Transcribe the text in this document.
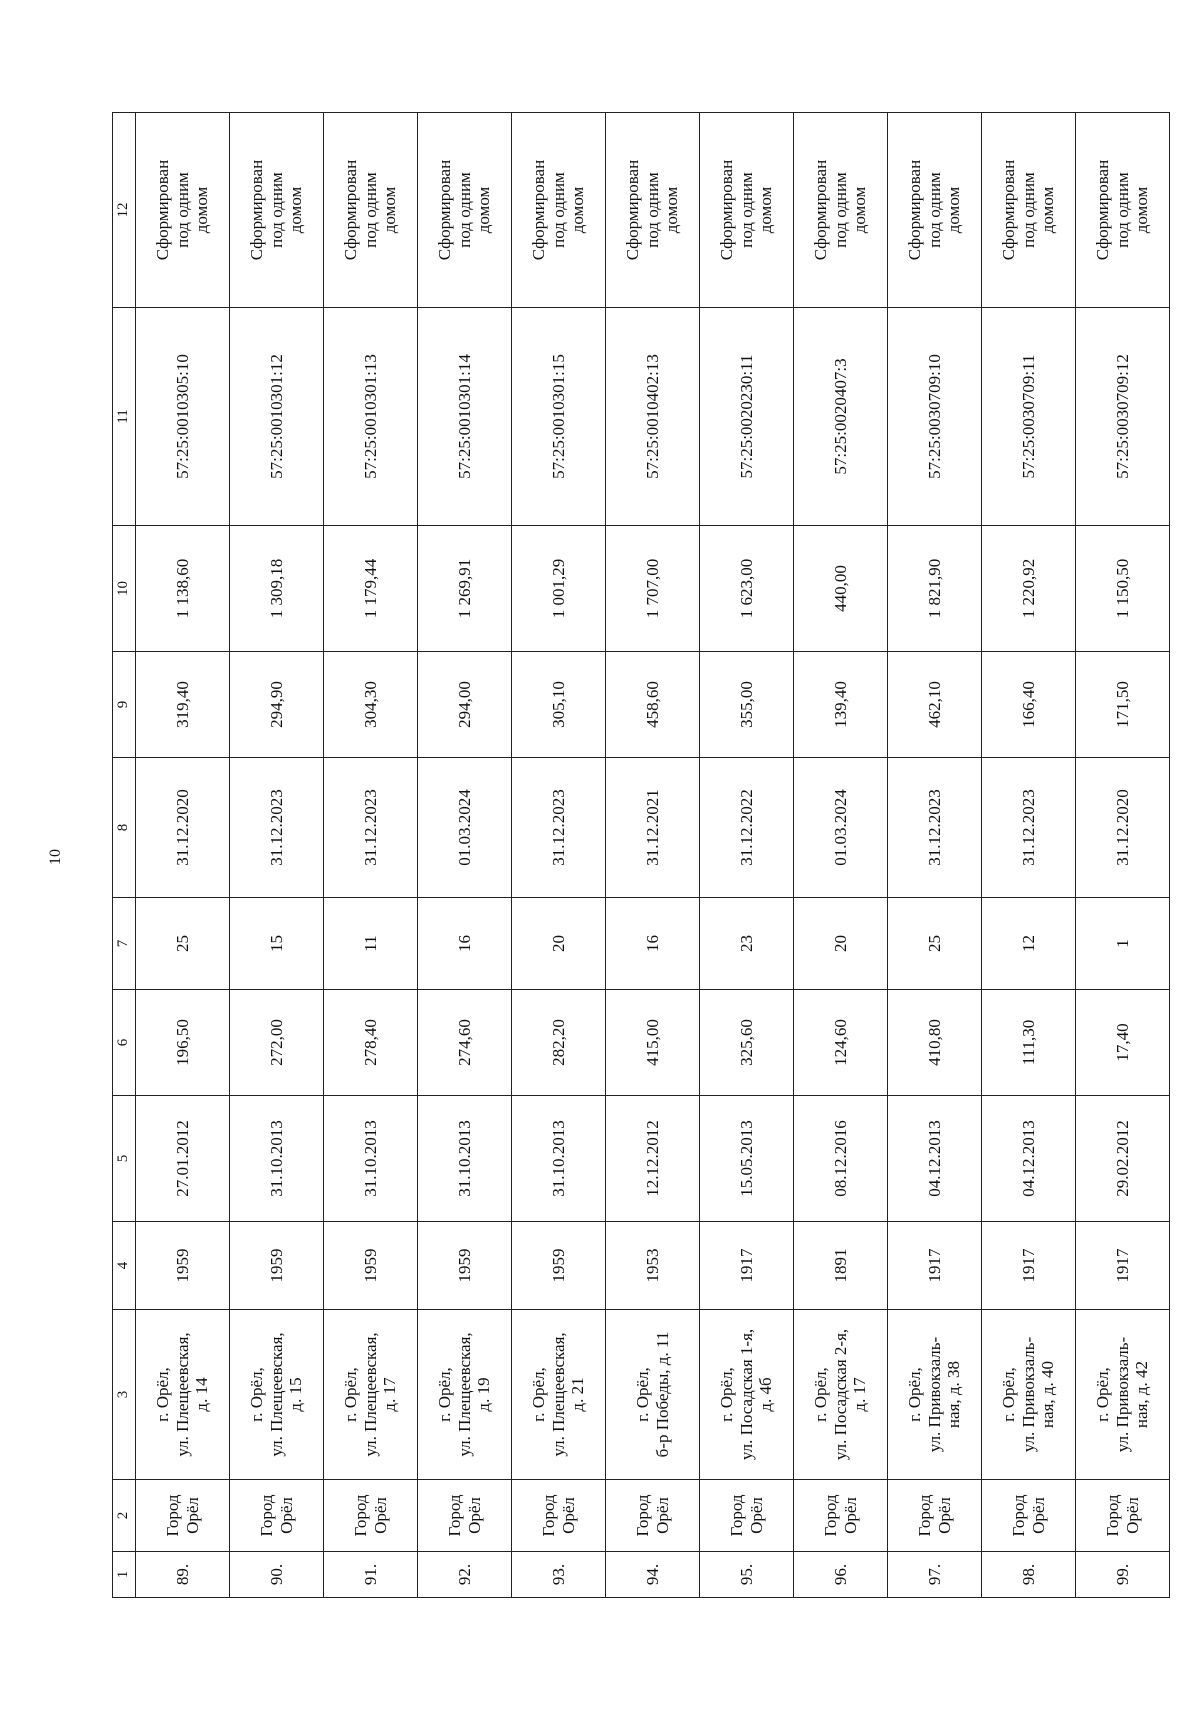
10
1	2	3	4	5	6	7	8	9	10	11	12
89.	Город
Орёл	г. Орёл,
ул. Плещеевская,
д. 14	1959	27.01.2012	196,50	25	31.12.2020	319,40	1 138,60	57:25:0010305:10	Сформирован
под одним
домом
90.	Город
Орёл	г. Орёл,
ул. Плещеевская,
д. 15	1959	31.10.2013	272,00	15	31.12.2023	294,90	1 309,18	57:25:0010301:12	Сформирован
под одним
домом
91.	Город
Орёл	г. Орёл,
ул. Плещеевская,
д. 17	1959	31.10.2013	278,40	11	31.12.2023	304,30	1 179,44	57:25:0010301:13	Сформирован
под одним
домом
92.	Город
Орёл	г. Орёл,
ул. Плещеевская,
д. 19	1959	31.10.2013	274,60	16	01.03.2024	294,00	1 269,91	57:25:0010301:14	Сформирован
под одним
домом
93.	Город
Орёл	г. Орёл,
ул. Плещеевская,
д. 21	1959	31.10.2013	282,20	20	31.12.2023	305,10	1 001,29	57:25:0010301:15	Сформирован
под одним
домом
94.	Город
Орёл	г. Орёл,
б-р Победы, д. 11	1953	12.12.2012	415,00	16	31.12.2021	458,60	1 707,00	57:25:0010402:13	Сформирован
под одним
домом
95.	Город
Орёл	г. Орёл,
ул. Посадская 1-я,
д. 4б	1917	15.05.2013	325,60	23	31.12.2022	355,00	1 623,00	57:25:0020230:11	Сформирован
под одним
домом
96.	Город
Орёл	г. Орёл,
ул. Посадская 2-я,
д. 17	1891	08.12.2016	124,60	20	01.03.2024	139,40	440,00	57:25:0020407:3	Сформирован
под одним
домом
97.	Город
Орёл	г. Орёл,
ул. Привокзаль-
ная, д. 38	1917	04.12.2013	410,80	25	31.12.2023	462,10	1 821,90	57:25:0030709:10	Сформирован
под одним
домом
98.	Город
Орёл	г. Орёл,
ул. Привокзаль-
ная, д. 40	1917	04.12.2013	111,30	12	31.12.2023	166,40	1 220,92	57:25:0030709:11	Сформирован
под одним
домом
99.	Город
Орёл	г. Орёл,
ул. Привокзаль-
ная, д. 42	1917	29.02.2012	17,40	1	31.12.2020	171,50	1 150,50	57:25:0030709:12	Сформирован
под одним
домом
